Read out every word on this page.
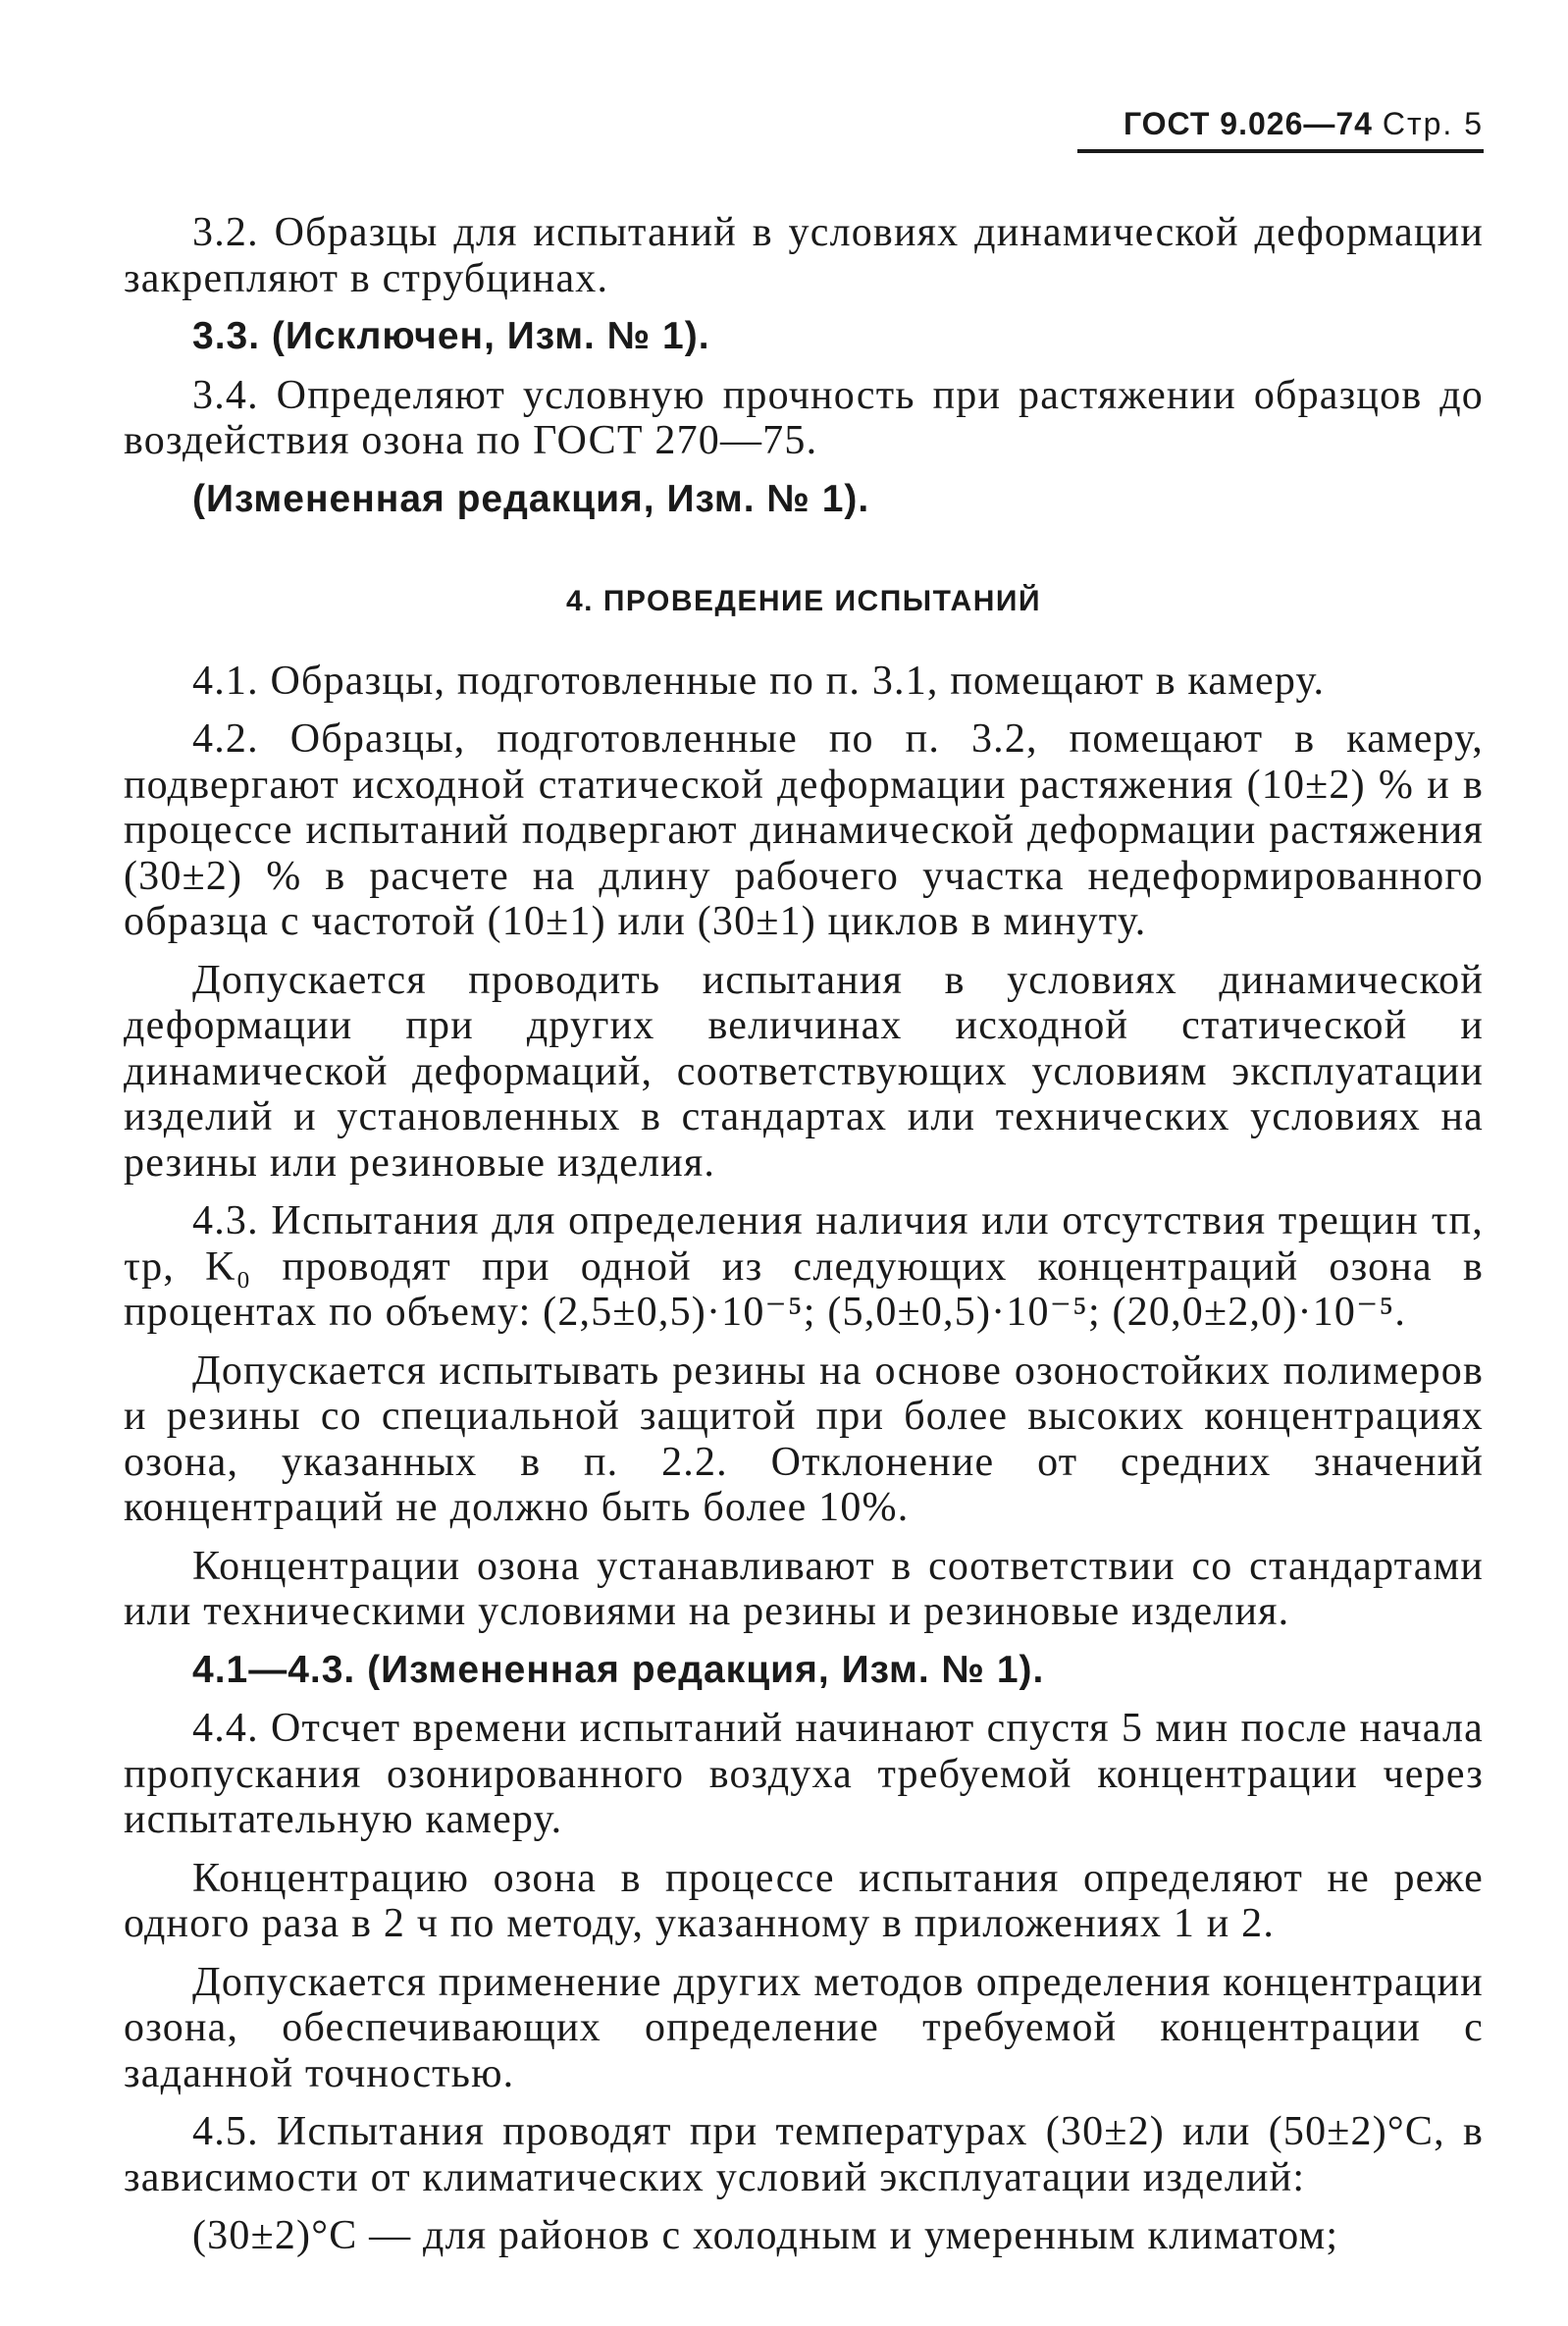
ГОСТ 9.026—74 Стр. 5

3.2. Образцы для испытаний в условиях динамической деформации закрепляют в струбцинах.

3.3. (Исключен, Изм. № 1).

3.4. Определяют условную прочность при растяжении образцов до воздействия озона по ГОСТ 270—75.

(Измененная редакция, Изм. № 1).

4. ПРОВЕДЕНИЕ ИСПЫТАНИЙ

4.1. Образцы, подготовленные по п. 3.1, помещают в камеру.

4.2. Образцы, подготовленные по п. 3.2, помещают в камеру, подвергают исходной статической деформации растяжения (10±2) % и в процессе испытаний подвергают динамической деформации растяжения (30±2) % в расчете на длину рабочего участка недеформированного образца с частотой (10±1) или (30±1) циклов в минуту.

Допускается проводить испытания в условиях динамической деформации при других величинах исходной статической и динамической деформаций, соответствующих условиям эксплуатации изделий и установленных в стандартах или технических условиях на резины или резиновые изделия.

4.3. Испытания для определения наличия или отсутствия трещин τп, τр, K₀ проводят при одной из следующих концентраций озона в процентах по объему: (2,5±0,5)·10⁻⁵; (5,0±0,5)·10⁻⁵; (20,0±2,0)·10⁻⁵.

Допускается испытывать резины на основе озоностойких полимеров и резины со специальной защитой при более высоких концентрациях озона, указанных в п. 2.2. Отклонение от средних значений концентраций не должно быть более 10%.

Концентрации озона устанавливают в соответствии со стандартами или техническими условиями на резины и резиновые изделия.

4.1—4.3. (Измененная редакция, Изм. № 1).

4.4. Отсчет времени испытаний начинают спустя 5 мин после начала пропускания озонированного воздуха требуемой концентрации через испытательную камеру.

Концентрацию озона в процессе испытания определяют не реже одного раза в 2 ч по методу, указанному в приложениях 1 и 2.

Допускается применение других методов определения концентрации озона, обеспечивающих определение требуемой концентрации с заданной точностью.

4.5. Испытания проводят при температурах (30±2) или (50±2)°C, в зависимости от климатических условий эксплуатации изделий:

(30±2)°C — для районов с холодным и умеренным климатом;
